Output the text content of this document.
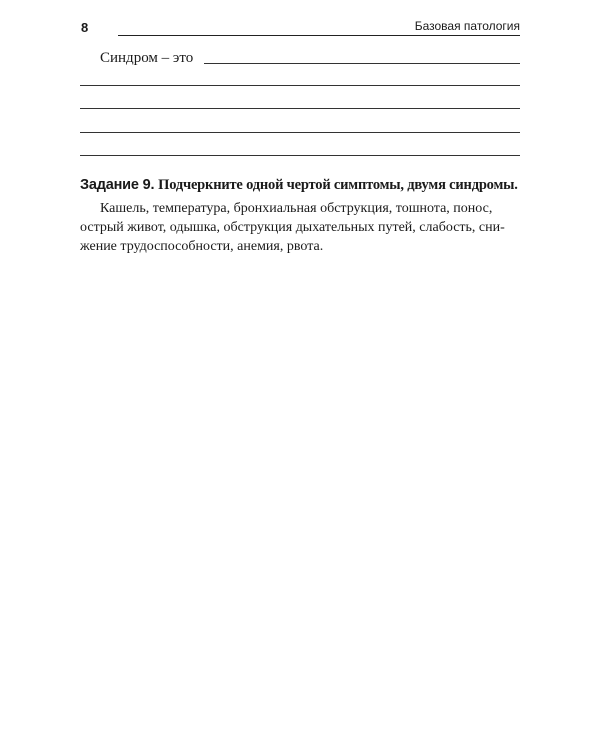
8	Базовая патология
Синдром – это
Задание 9. Подчеркните одной чертой симптомы, двумя синдромы.
Кашель, температура, бронхиальная обструкция, тошнота, понос,
острый живот, одышка, обструкция дыхательных путей, слабость, сни-
жение трудоспособности, анемия, рвота.
